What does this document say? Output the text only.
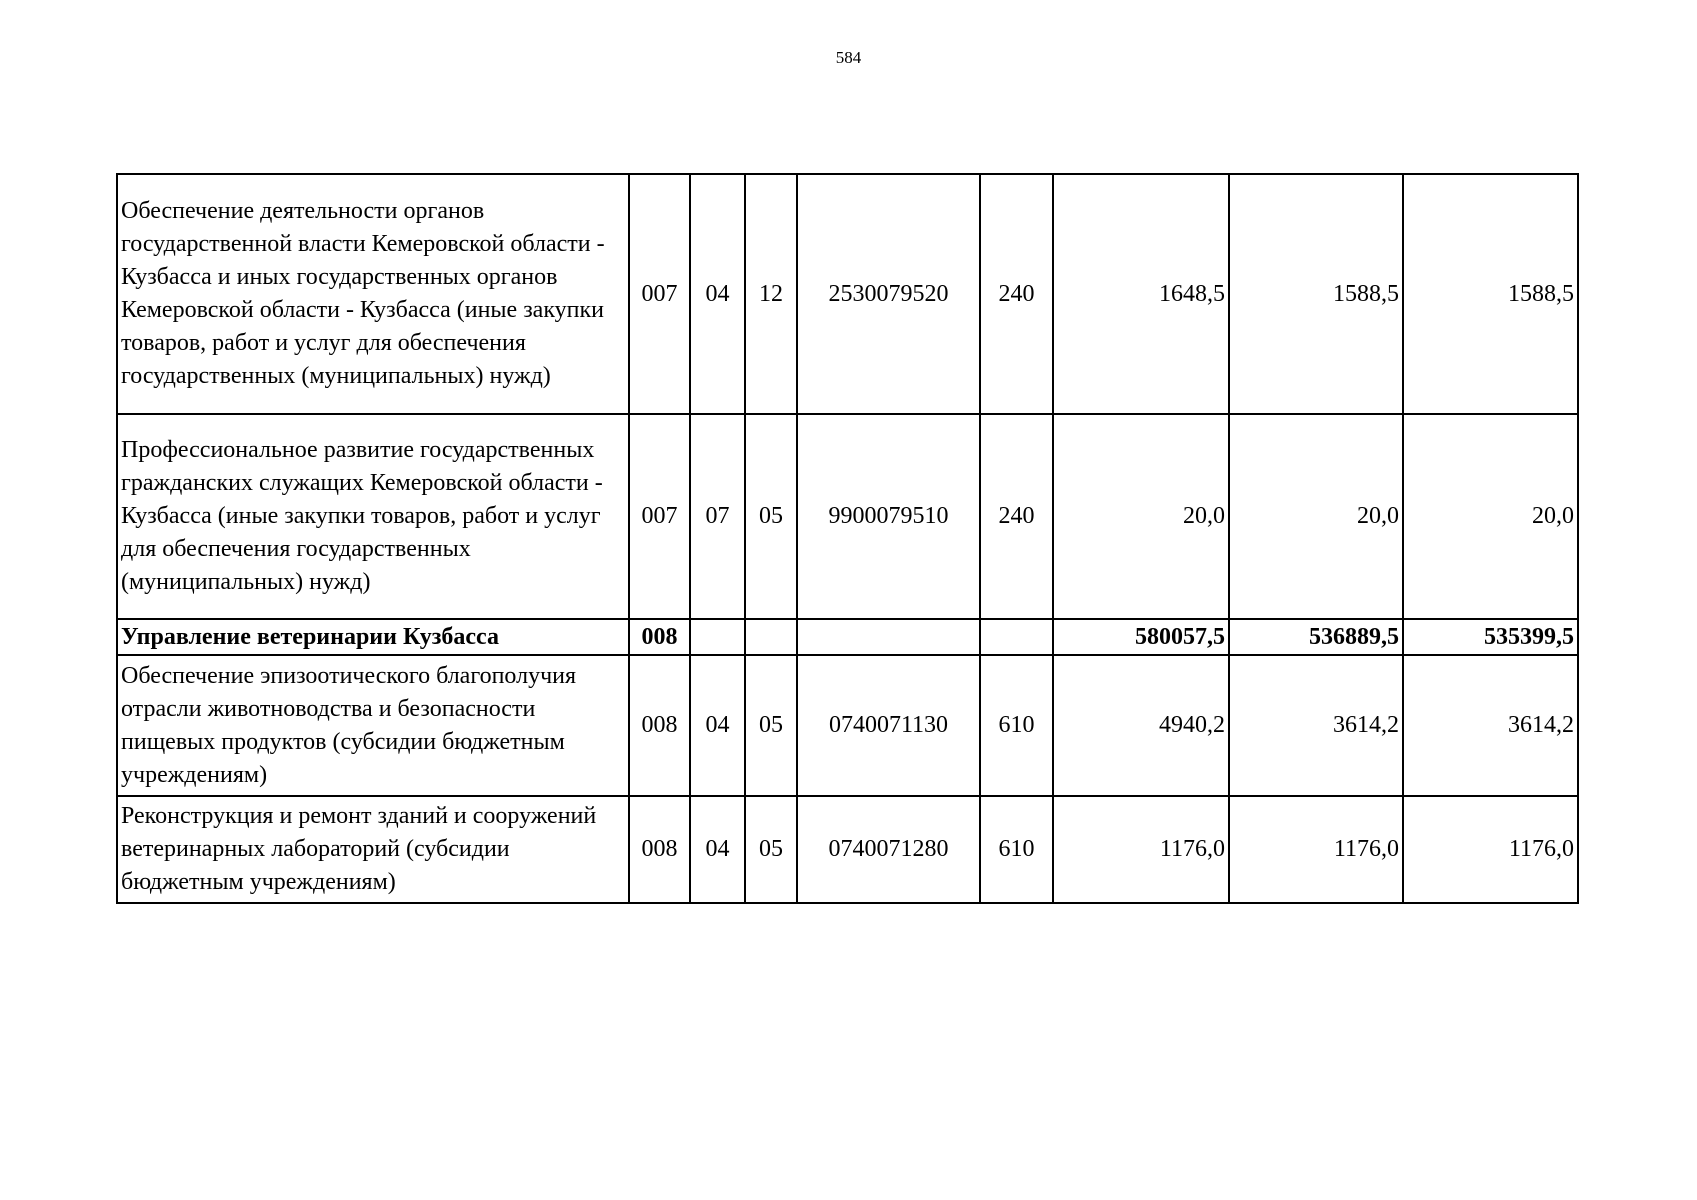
584
Обеспечение деятельности органов государственной власти Кемеровской области - Кузбасса и иных государственных органов Кемеровской области - Кузбасса (иные закупки товаров, работ и услуг для обеспечения государственных (муниципальных) нужд)	007	04	12	2530079520	240	1648,5	1588,5	1588,5
Профессиональное развитие государственных гражданских служащих Кемеровской области - Кузбасса (иные закупки товаров, работ и услуг для обеспечения государственных (муниципальных) нужд)	007	07	05	9900079510	240	20,0	20,0	20,0
Управление ветеринарии Кузбасса	008					580057,5	536889,5	535399,5
Обеспечение эпизоотического благополучия отрасли животноводства и безопасности пищевых продуктов (субсидии бюджетным учреждениям)	008	04	05	0740071130	610	4940,2	3614,2	3614,2
Реконструкция и ремонт зданий и сооружений ветеринарных лабораторий (субсидии бюджетным учреждениям)	008	04	05	0740071280	610	1176,0	1176,0	1176,0
